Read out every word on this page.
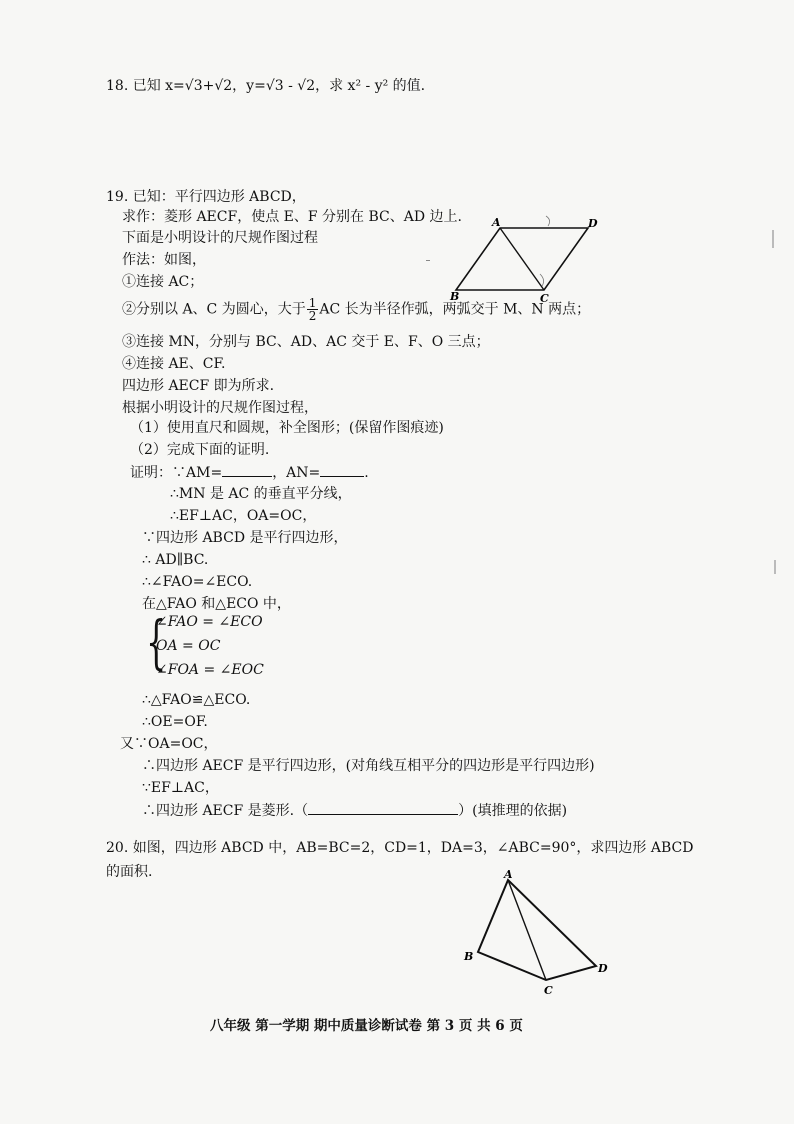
18. 已知 x=√3+√2，y=√3 - √2，求 x² - y² 的值.
19. 已知：平行四边形 ABCD，
求作：菱形 AECF，使点 E、F 分别在 BC、AD 边上.
下面是小明设计的尺规作图过程
作法：如图，
①连接 AC；
②分别以 A、C 为圆心，大于 $\frac{1}{2}$ AC 长为半径作弧，两弧交于 M、N 两点；
③连接 MN，分别与 BC、AD、AC 交于 E、F、O 三点；
④连接 AE、CF.
四边形 AECF 即为所求.
根据小明设计的尺规作图过程，
（1）使用直尺和圆规，补全图形；(保留作图痕迹)
（2）完成下面的证明.
证明：∵AM=	，AN=	.
∴MN 是 AC 的垂直平分线，
∴EF⊥AC，OA=OC，
∵四边形 ABCD 是平行四边形，
∴ AD∥BC.
∴∠FAO=∠ECO.
在△FAO 和△ECO 中，
{
∠FAO = ∠ECO
OA = OC
∠FOA = ∠EOC
∴△FAO≌△ECO.
∴OE=OF.
又∵OA=OC，
∴四边形 AECF 是平行四边形，(对角线互相平分的四边形是平行四边形)
∵EF⊥AC，
∴四边形 AECF 是菱形.（	）(填推理的依据)
A	D
B	C
20. 如图，四边形 ABCD 中，AB=BC=2，CD=1，DA=3，∠ABC=90°，求四边形 ABCD
的面积.	A
B
C
D
八年级 第一学期 期中质量诊断试卷 第 3 页 共 6 页
